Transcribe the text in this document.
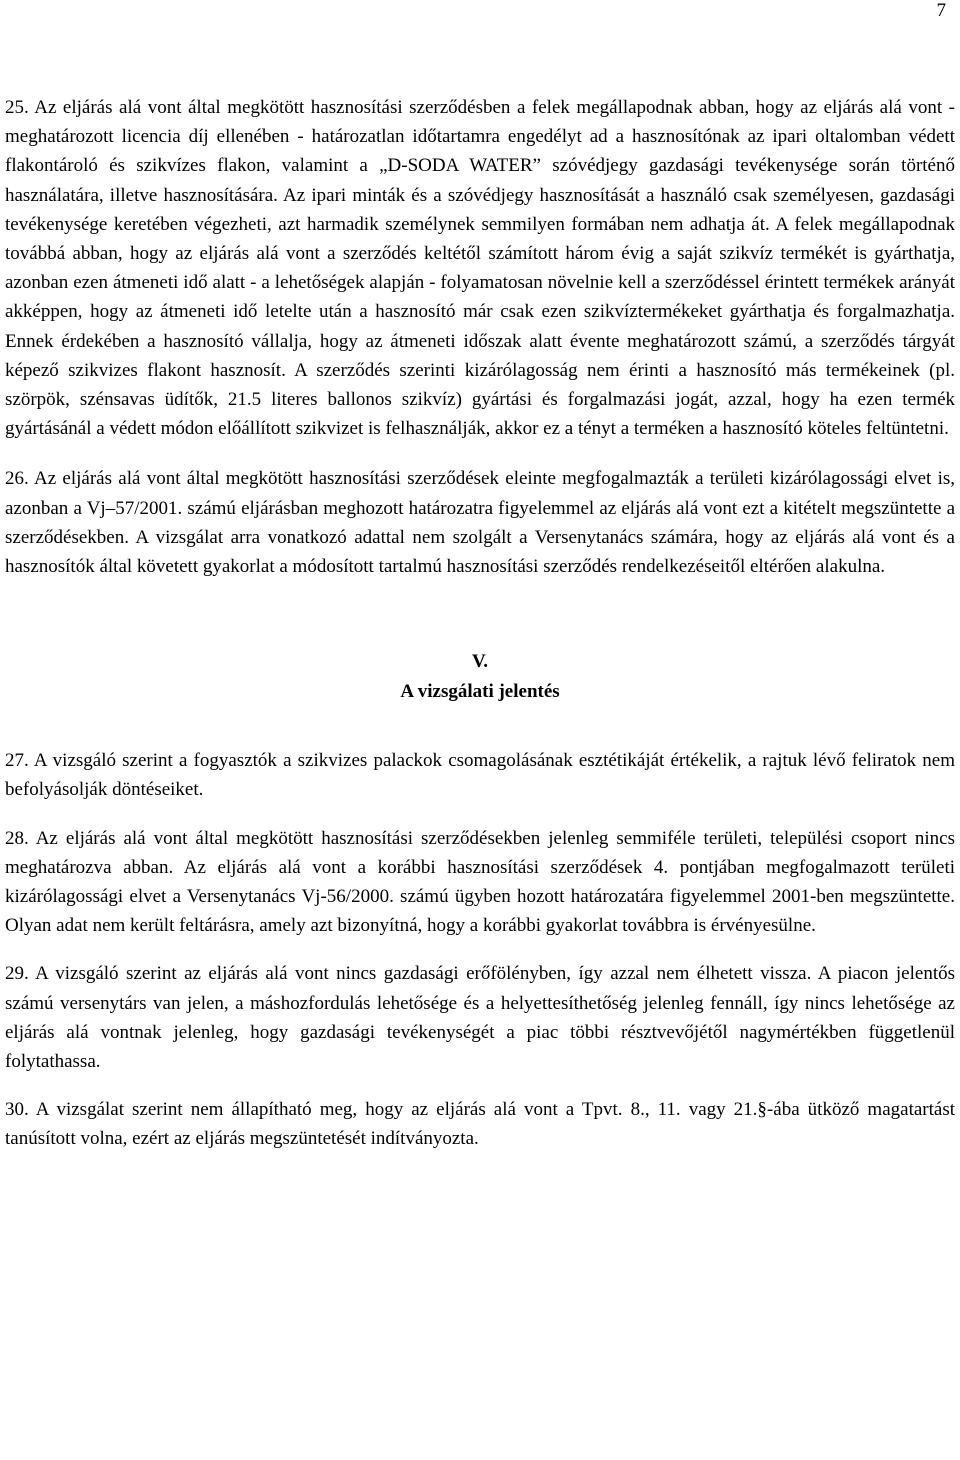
7

25. Az eljárás alá vont által megkötött hasznosítási szerződésben a felek megállapodnak abban, hogy az eljárás alá vont - meghatározott licencia díj ellenében - határozatlan időtartamra engedélyt ad a hasznosítónak az ipari oltalomban védett flakontároló és szikvízes flakon, valamint a „D-SODA WATER” szóvédjegy gazdasági tevékenysége során történő használatára, illetve hasznosítására. Az ipari minták és a szóvédjegy hasznosítását a használó csak személyesen, gazdasági tevékenysége keretében végezheti, azt harmadik személynek semmilyen formában nem adhatja át. A felek megállapodnak továbbá abban, hogy az eljárás alá vont a szerződés keltétől számított három évig a saját szikvíz termékét is gyárthatja, azonban ezen átmeneti idő alatt - a lehetőségek alapján - folyamatosan növelnie kell a szerződéssel érintett termékek arányát akképpen, hogy az átmeneti idő letelte után a hasznosító már csak ezen szikvíztermékeket gyárthatja és forgalmazhatja. Ennek érdekében a hasznosító vállalja, hogy az átmeneti időszak alatt évente meghatározott számú, a szerződés tárgyát képező szikvizes flakont hasznosít. A szerződés szerinti kizárólagosság nem érinti a hasznosító más termékeinek (pl. szörpök, szénsavas üdítők, 21.5 literes ballonos szikvíz) gyártási és forgalmazási jogát, azzal, hogy ha ezen termék gyártásánál a védett módon előállított szikvizet is felhasználják, akkor ez a tényt a terméken a hasznosító köteles feltüntetni.

26. Az eljárás alá vont által megkötött hasznosítási szerződések eleinte megfogalmazták a területi kizárólagossági elvet is, azonban a Vj–57/2001. számú eljárásban meghozott határozatra figyelemmel az eljárás alá vont ezt a kitételt megszüntette a szerződésekben. A vizsgálat arra vonatkozó adattal nem szolgált a Versenytanács számára, hogy az eljárás alá vont és a hasznosítók által követett gyakorlat a módosított tartalmú hasznosítási szerződés rendelkezéseitől eltérően alakulna.

V.
A vizsgálati jelentés

27. A vizsgáló szerint a fogyasztók a szikvizes palackok csomagolásának esztétikáját értékelik, a rajtuk lévő feliratok nem befolyásolják döntéseiket.

28. Az eljárás alá vont által megkötött hasznosítási szerződésekben jelenleg semmiféle területi, települési csoport nincs meghatározva abban. Az eljárás alá vont a korábbi hasznosítási szerződések 4. pontjában megfogalmazott területi kizárólagossági elvet a Versenytanács Vj-56/2000. számú ügyben hozott határozatára figyelemmel 2001-ben megszüntette. Olyan adat nem került feltárásra, amely azt bizonyítná, hogy a korábbi gyakorlat továbbra is érvényesülne.

29. A vizsgáló szerint az eljárás alá vont nincs gazdasági erőfölényben, így azzal nem élhetett vissza. A piacon jelentős számú versenytárs van jelen, a máshozfordulás lehetősége és a helyettesíthetőség jelenleg fennáll, így nincs lehetősége az eljárás alá vontnak jelenleg, hogy gazdasági tevékenységét a piac többi résztvevőjétől nagymértékben függetlenül folytathassa.

30. A vizsgálat szerint nem állapítható meg, hogy az eljárás alá vont a Tpvt. 8., 11. vagy 21.§-ába ütköző magatartást tanúsított volna, ezért az eljárás megszüntetését indítványozta.
